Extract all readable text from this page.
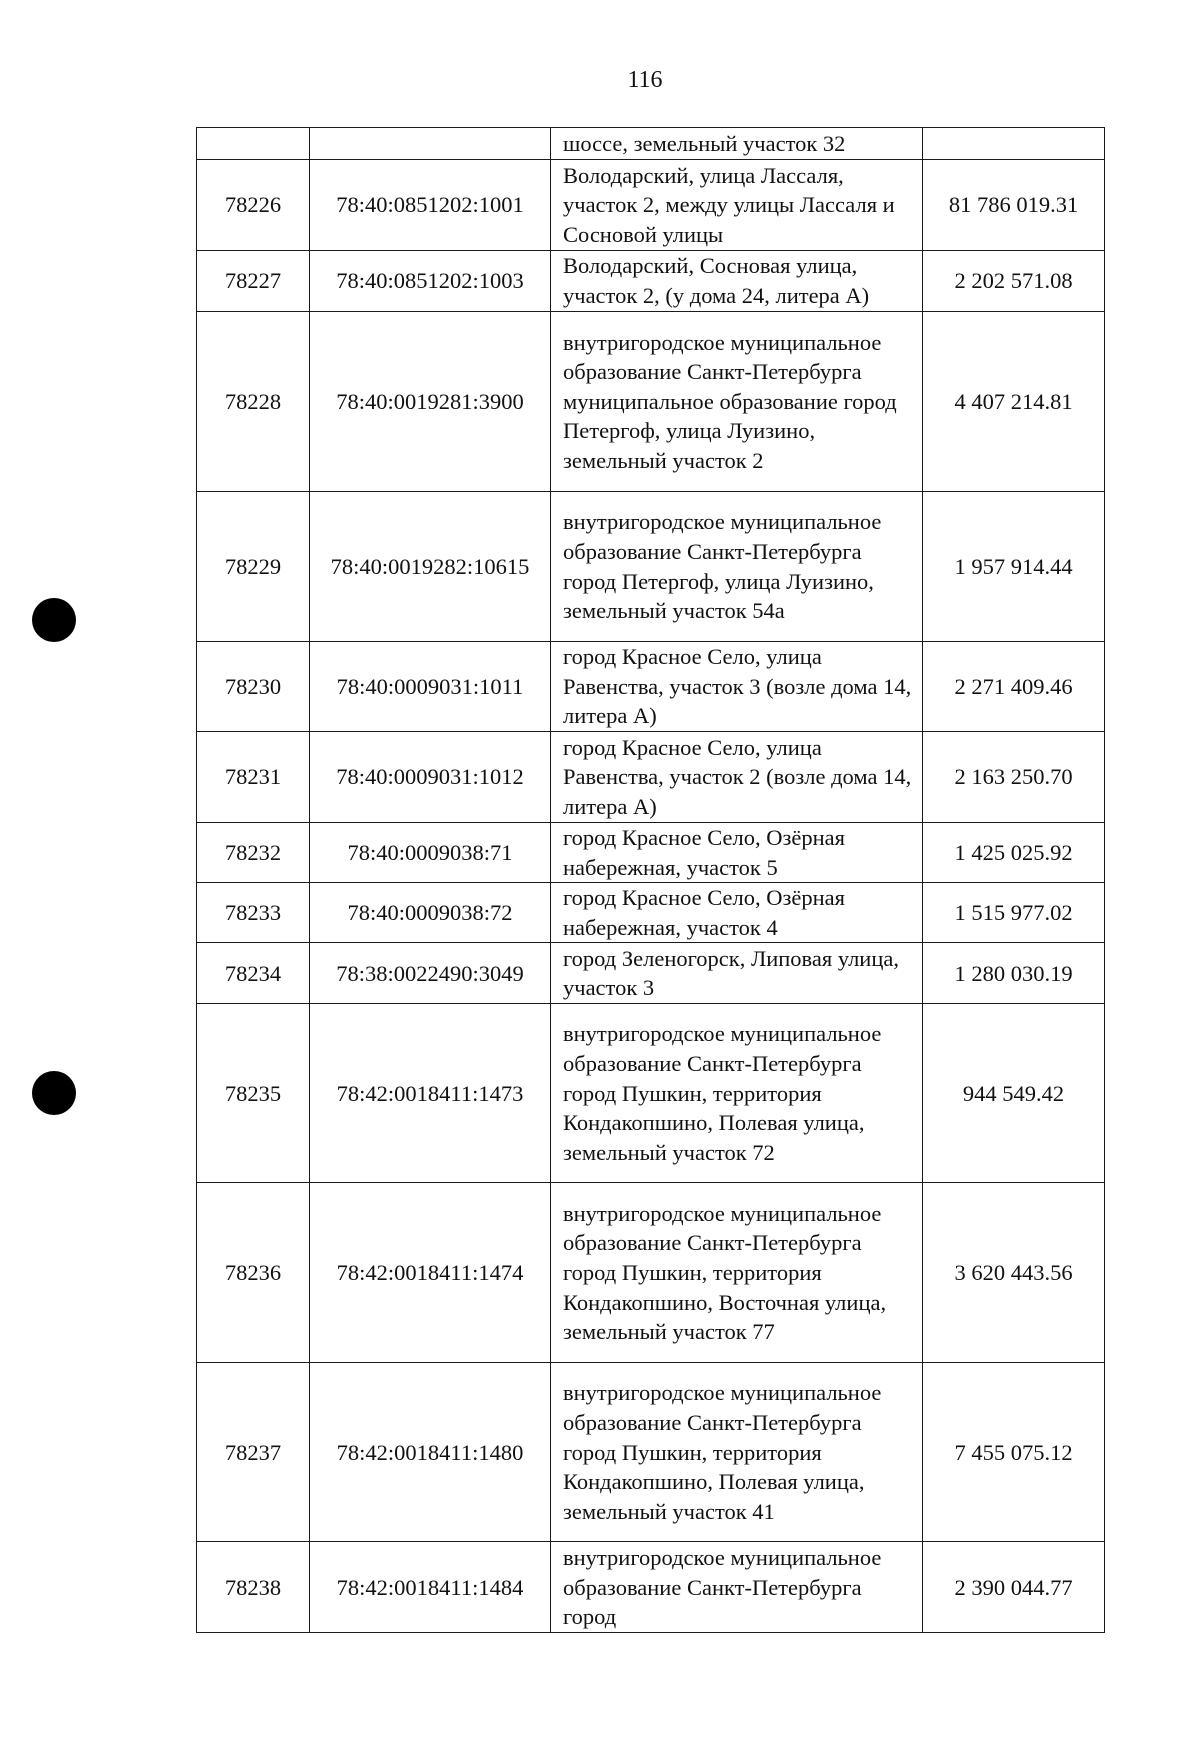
116

		шоссе, земельный участок 32	

78226	78:40:0851202:1001	Володарский, улица Лассаля, участок 2, между улицы Лассаля и Сосновой улицы	81 786 019.31
78227	78:40:0851202:1003	Володарский, Сосновая улица, участок 2, (у дома 24, литера А)	2 202 571.08
78228	78:40:0019281:3900	внутригородское муниципальное образование Санкт-Петербурга муниципальное образование город Петергоф, улица Луизино, земельный участок 2	4 407 214.81
78229	78:40:0019282:10615	внутригородское муниципальное образование Санкт-Петербурга город Петергоф, улица Луизино, земельный участок 54а	1 957 914.44
78230	78:40:0009031:1011	город Красное Село, улица Равенства, участок 3 (возле дома 14, литера А)	2 271 409.46
78231	78:40:0009031:1012	город Красное Село, улица Равенства, участок 2 (возле дома 14, литера А)	2 163 250.70
78232	78:40:0009038:71	город Красное Село, Озёрная набережная, участок 5	1 425 025.92
78233	78:40:0009038:72	город Красное Село, Озёрная набережная, участок 4	1 515 977.02
78234	78:38:0022490:3049	город Зеленогорск, Липовая улица, участок 3	1 280 030.19
78235	78:42:0018411:1473	внутригородское муниципальное образование Санкт-Петербурга город Пушкин, территория Кондакопшино, Полевая улица, земельный участок 72	944 549.42
78236	78:42:0018411:1474	внутригородское муниципальное образование Санкт-Петербурга город Пушкин, территория Кондакопшино, Восточная улица, земельный участок 77	3 620 443.56
78237	78:42:0018411:1480	внутригородское муниципальное образование Санкт-Петербурга город Пушкин, территория Кондакопшино, Полевая улица, земельный участок 41	7 455 075.12
78238	78:42:0018411:1484	внутригородское муниципальное образование Санкт-Петербурга город	2 390 044.77
